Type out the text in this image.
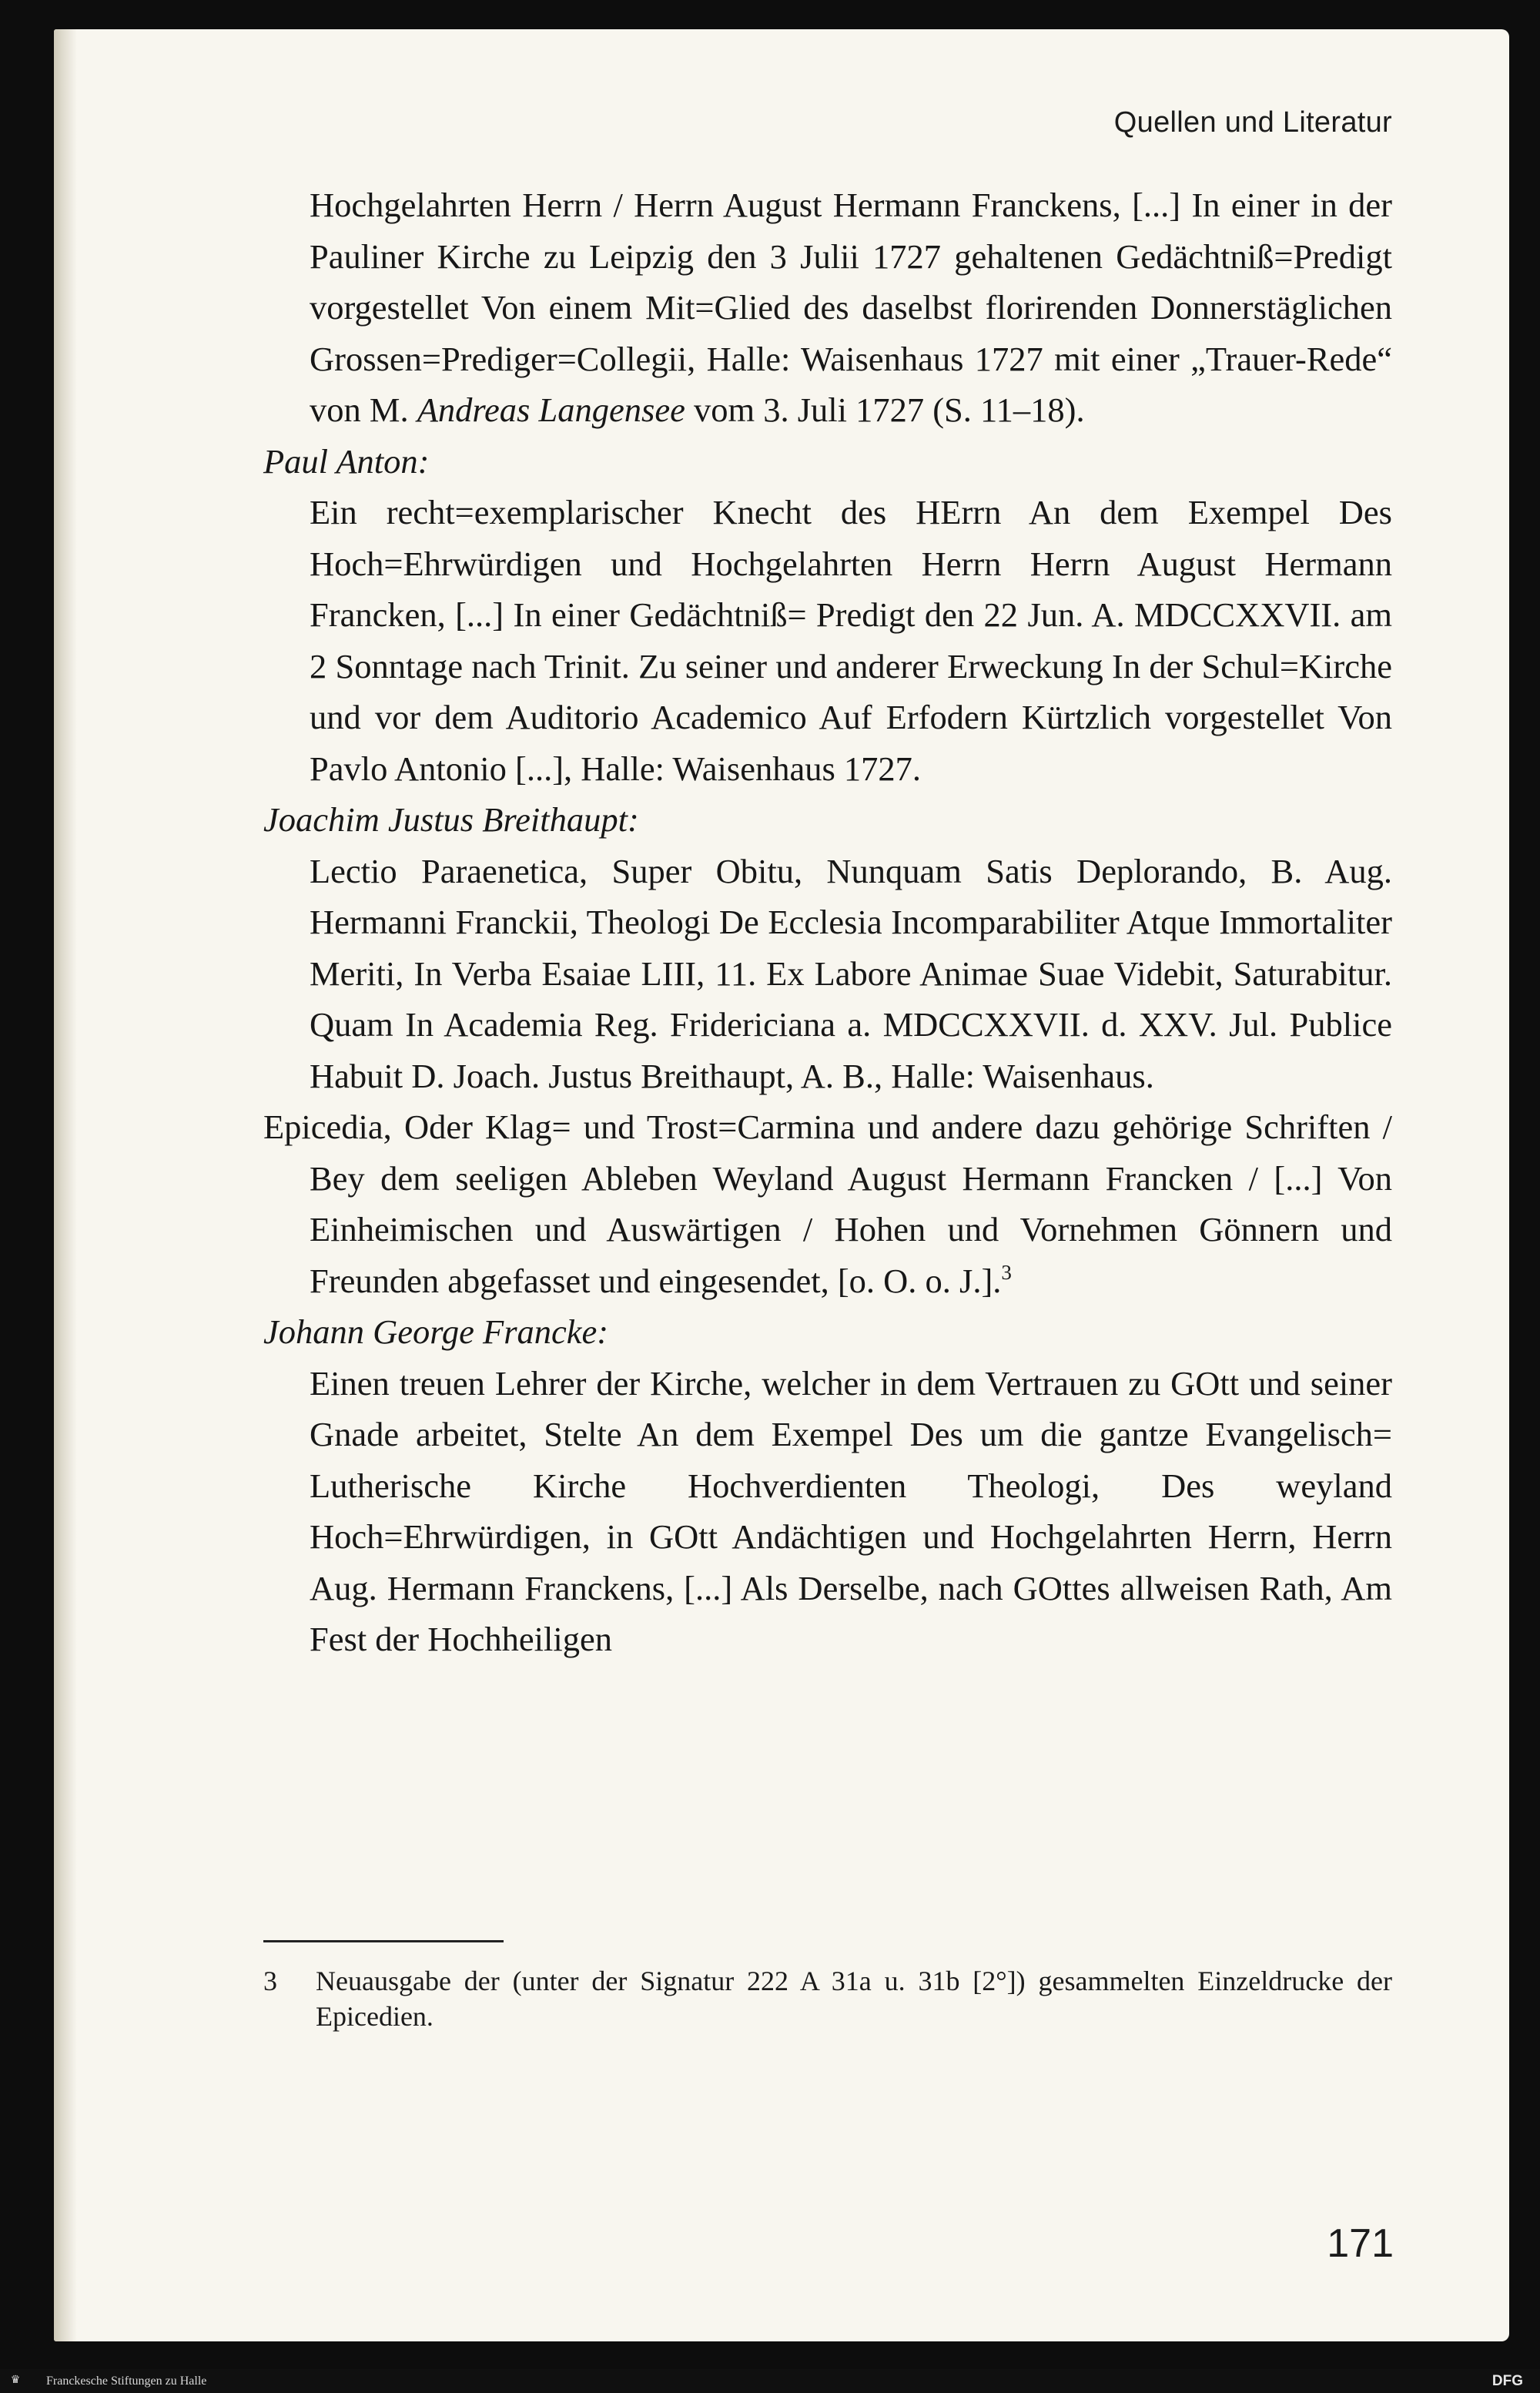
Quellen und Literatur

Hochgelahrten Herrn / Herrn August Hermann Franckens, [...] In einer in der Pauliner Kirche zu Leipzig den 3 Julii 1727 gehaltenen Gedächtniß=Predigt vorgestellet Von einem Mit=Glied des daselbst florirenden Donnerstäglichen Grossen=Prediger=Collegii, Halle: Waisenhaus 1727 mit einer „Trauer-Rede“ von M. Andreas Langensee vom 3. Juli 1727 (S. 11–18).

Paul Anton:

Ein recht=exemplarischer Knecht des HErrn An dem Exempel Des Hoch=Ehrwürdigen und Hochgelahrten Herrn Herrn August Hermann Francken, [...] In einer Gedächtniß= Predigt den 22 Jun. A. MDCCXXVII. am 2 Sonntage nach Trinit. Zu seiner und anderer Erweckung In der Schul=Kirche und vor dem Auditorio Academico Auf Erfodern Kürtzlich vorgestellet Von Pavlo Antonio [...], Halle: Waisenhaus 1727.

Joachim Justus Breithaupt:

Lectio Paraenetica, Super Obitu, Nunquam Satis Deplorando, B. Aug. Hermanni Franckii, Theologi De Ecclesia Incomparabiliter Atque Immortaliter Meriti, In Verba Esaiae LIII, 11. Ex Labore Animae Suae Videbit, Saturabitur. Quam In Academia Reg. Fridericiana a. MDCCXXVII. d. XXV. Jul. Publice Habuit D. Joach. Justus Breithaupt, A. B., Halle: Waisenhaus.

Epicedia, Oder Klag= und Trost=Carmina und andere dazu gehörige Schriften / Bey dem seeligen Ableben Weyland August Hermann Francken / [...] Von Einheimischen und Auswärtigen / Hohen und Vornehmen Gönnern und Freunden abgefasset und eingesendet, [o. O. o. J.].$^3$

Johann George Francke:

Einen treuen Lehrer der Kirche, welcher in dem Vertrauen zu GOtt und seiner Gnade arbeitet, Stelte An dem Exempel Des um die gantze Evangelisch= Lutherische Kirche Hochverdienten Theologi, Des weyland Hoch=Ehrwürdigen, in GOtt Andächtigen und Hochgelahrten Herrn, Herrn Aug. Hermann Franckens, [...] Als Derselbe, nach GOttes allweisen Rath, Am Fest der Hochheiligen

3	Neuausgabe der (unter der Signatur 222 A 31a u. 31b [2°]) gesammelten Einzeldrucke der Epicedien.
171
♛ Franckesche Stiftungen zu Halle	DFG
